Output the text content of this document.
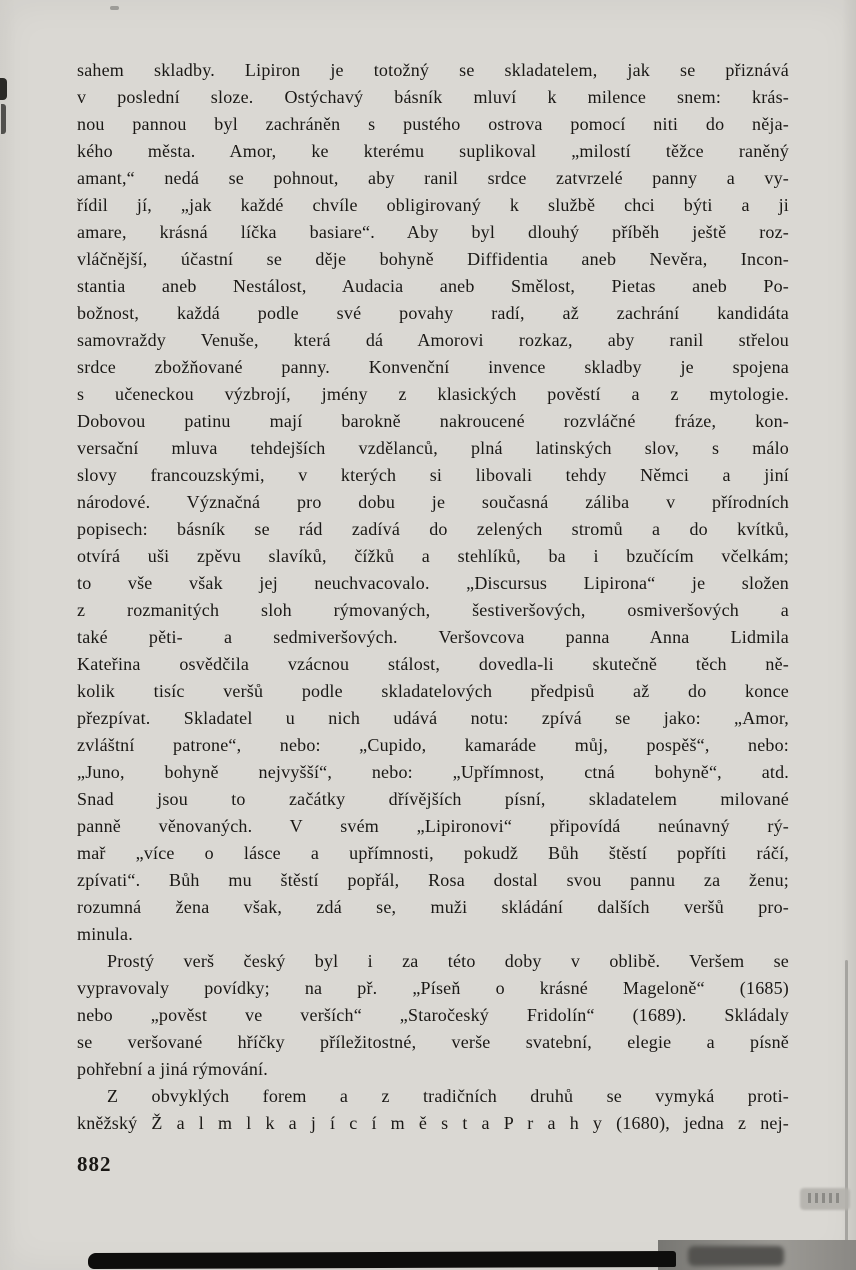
sahem skladby. Lipiron je totožný se skladatelem, jak se přiznává
v poslední sloze. Ostýchavý básník mluví k milence snem: krás-
nou pannou byl zachráněn s pustého ostrova pomocí niti do něja-
kého města. Amor, ke kterému suplikoval „milostí těžce raněný
amant,“ nedá se pohnout, aby ranil srdce zatvrzelé panny a vy-
řídil jí, „jak každé chvíle obligirovaný k službě chci býti a ji
amare, krásná líčka basiare“. Aby byl dlouhý příběh ještě roz-
vláčnější, účastní se děje bohyně Diffidentia aneb Nevěra, Incon-
stantia aneb Nestálost, Audacia aneb Smělost, Pietas aneb Po-
božnost, každá podle své povahy radí, až zachrání kandidáta
samovraždy Venuše, která dá Amorovi rozkaz, aby ranil střelou
srdce zbožňované panny. Konvenční invence skladby je spojena
s učeneckou výzbrojí, jmény z klasických pověstí a z mytologie.
Dobovou patinu mají barokně nakroucené rozvláčné fráze, kon-
versační mluva tehdejších vzdělanců, plná latinských slov, s málo
slovy francouzskými, v kterých si libovali tehdy Němci a jiní
národové. Význačná pro dobu je současná záliba v přírodních
popisech: básník se rád zadívá do zelených stromů a do kvítků,
otvírá uši zpěvu slavíků, čížků a stehlíků, ba i bzučícím včelkám;
to vše však jej neuchvacovalo. „Discursus Lipirona“ je složen
z rozmanitých sloh rýmovaných, šestiveršových, osmiveršových a
také pěti- a sedmiveršových. Veršovcova panna Anna Lidmila
Kateřina osvědčila vzácnou stálost, dovedla-li skutečně těch ně-
kolik tisíc veršů podle skladatelových předpisů až do konce
přezpívat. Skladatel u nich udává notu: zpívá se jako: „Amor,
zvláštní patrone“, nebo: „Cupido, kamaráde můj, pospěš“, nebo:
„Juno, bohyně nejvyšší“, nebo: „Upřímnost, ctná bohyně“, atd.
Snad jsou to začátky dřívějších písní, skladatelem milované
panně věnovaných. V svém „Lipironovi“ připovídá neúnavný rý-
mař „více o lásce a upřímnosti, pokudž Bůh štěstí popříti ráčí,
zpívati“. Bůh mu štěstí popřál, Rosa dostal svou pannu za ženu;
rozumná žena však, zdá se, muži skládání dalších veršů pro-
minula.
Prostý verš český byl i za této doby v oblibě. Veršem se
vypravovaly povídky; na př. „Píseň o krásné Mageloně“ (1685)
nebo „pověst ve verších“ „Staročeský Fridolín“ (1689). Skládaly
se veršované hříčky příležitostné, verše svatební, elegie a písně
pohřební a jiná rýmování.
Z obvyklých forem a z tradičních druhů se vymyká proti-
kněžský Ž a l m l k a j í c í m ě s t a P r a h y (1680), jedna z nej-
882
